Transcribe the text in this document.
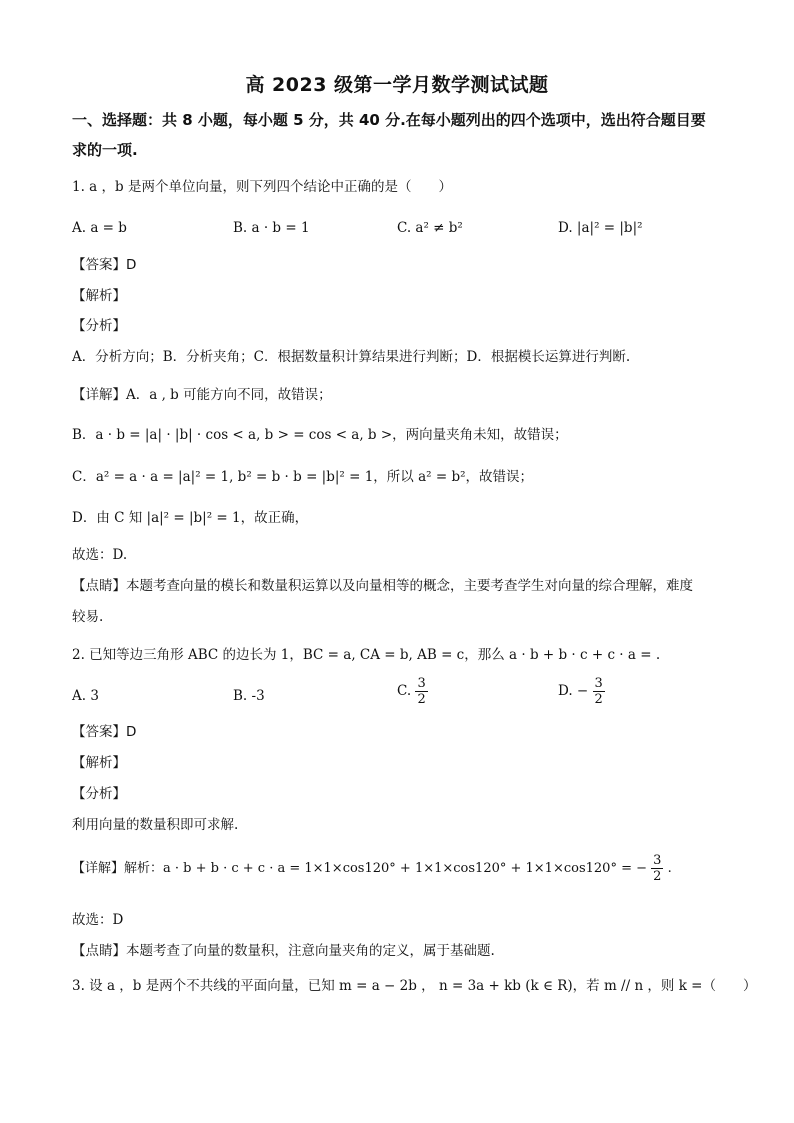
高 2023 级第一学月数学测试试题
一、选择题：共 8 小题，每小题 5 分，共 40 分.在每小题列出的四个选项中，选出符合题目要
求的一项.
1. a ，b 是两个单位向量，则下列四个结论中正确的是（　　）
A. a = b	B. a · b = 1	C. a² ≠ b²	D. |a|² = |b|²
【答案】D
【解析】
【分析】
A．分析方向；B．分析夹角；C．根据数量积计算结果进行判断；D．根据模长运算进行判断.
【详解】A．a , b 可能方向不同，故错误；
B．a · b = |a| · |b| · cos < a, b > = cos < a, b >，两向量夹角未知，故错误；
C．a² = a · a = |a|² = 1, b² = b · b = |b|² = 1，所以 a² = b²，故错误；
D．由 C 知 |a|² = |b|² = 1，故正确，
故选：D.
【点睛】本题考查向量的模长和数量积运算以及向量相等的概念，主要考查学生对向量的综合理解，难度
较易.
2. 已知等边三角形 ABC 的边长为 1，BC = a, CA = b, AB = c，那么 a · b + b · c + c · a = .
A. 3	B. -3	C. $\frac{3}{2}$	D. − $\frac{3}{2}$
【答案】D
【解析】
【分析】
利用向量的数量积即可求解.
【详解】解析：a · b + b · c + c · a = 1×1×cos120° + 1×1×cos120° + 1×1×cos120° = − $\frac{3}{2}$ .
故选：D
【点睛】本题考查了向量的数量积，注意向量夹角的定义，属于基础题.
3. 设 a ，b 是两个不共线的平面向量，已知 m = a − 2b ， n = 3a + kb (k ∈ R)，若 m // n ，则 k =（　　）
